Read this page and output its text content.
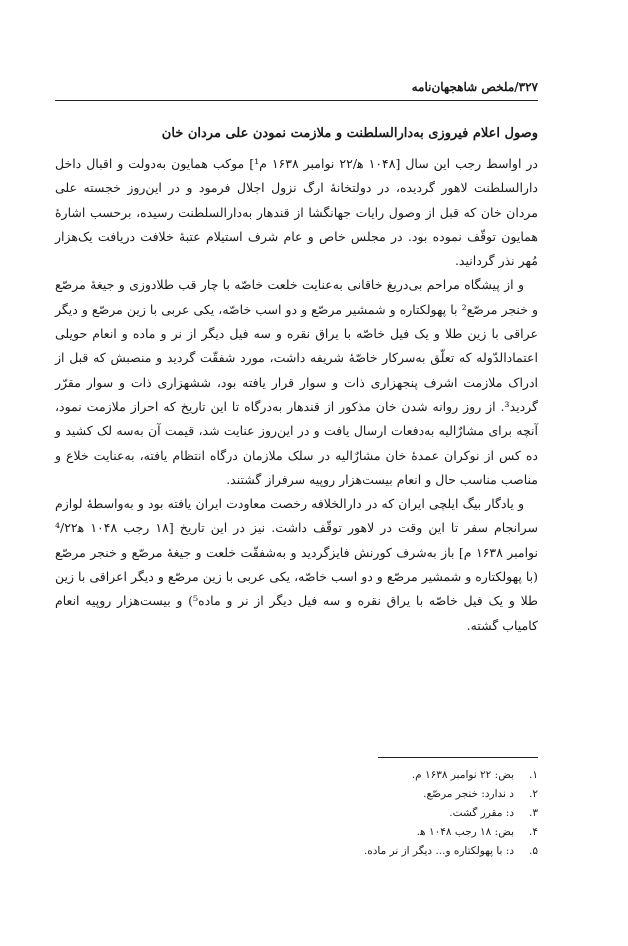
۳۲۷/ملخص شاهجهان‌نامه
وصول اعلام فیروزی به‌دارالسلطنت و ملازمت نمودن علی مردان خان

در اواسط رجب این سال [۱۰۴۸ ه‍/۲۲ نوامبر ۱۶۳۸ م¹] موکب همایون به‌دولت و اقبال داخل دارالسلطنت لاهور گردیده، در دولتخانهٔ ارگ نزول اجلال فرمود و در این‌روز خجسته علی مردان خان که قبل از وصول رایات جهانگشا از قندهار به‌دارالسلطنت رسیده، برحسب اشارهٔ همایون توقّف نموده بود. در مجلس خاص و عام شرف استیلام عتبهٔ خلافت دریافت یک‌هزار مُهر نذر گردانید.

و از پیشگاه مراحم بی‌دریغ خاقانی به‌عنایت خلعت خاصّه با چار قب طلادوزی و جیغهٔ مرصّع و خنجر مرصّع² با پهولکتاره و شمشیر مرصّع و دو اسب خاصّه، یکی عربی با زین مرصّع و دیگر عراقی با زین طلا و یک فیل خاصّه با یراق نقره و سه فیل دیگر از نر و ماده و انعام حویلی اعتمادالدّوله که تعلّق به‌سرکار خاصّهٔ شریفه داشت، مورد شفقّت گردید و منصبش که قبل از ادراک ملازمت اشرف پنجهزاری ذات و سوار قرار یافته بود، ششهزاری ذات و سوار مقرّر گردید³. از روز روانه شدن خان مذکور از قندهار به‌درگاه تا این تاریخ که احراز ملازمت نمود، آنچه برای مشارٌالیه به‌دفعات ارسال یافت و در این‌روز عنایت شد، قیمت آن به‌سه لک کشید و ده کس از نوکران عمدهٔ خان مشارٌالیه در سلک ملازمان درگاه انتظام یافته، به‌عنایت خلاع و مناصب مناسب حال و انعام بیست‌هزار روپیه سرفراز گشتند.

و یادگار بیگ ایلچی ایران که در دارالخلافه رخصت معاودت ایران یافته بود و به‌واسطهٔ لوازم سرانجام سفر تا این وقت در لاهور توقّف داشت. نیز در این تاریخ [۱۸ رجب ۱۰۴۸ ه‍⁴/۲۲ نوامبر ۱۶۳۸ م] باز به‌شرف کورنش فایزگردید و به‌شفقّت خلعت و جیغهٔ مرصّع و خنجر مرصّع (با پهولکتاره و شمشیر مرصّع و دو اسب خاصّه، یکی عربی با زین مرصّع و دیگر اعراقی با زین طلا و یک فیل خاصّه با یراق نقره و سه فیل دیگر از نر و ماده⁵) و بیست‌هزار روپیه انعام کامیاب گشته.

۱.
بض: ۲۲ نوامبر ۱۶۳۸ م.
۲.
د ندارد: خنجر مرصّع.
۳.
د: مقرر گشت.
۴.
بض: ۱۸ رجب ۱۰۴۸ ه‍.
۵.
د: با پهولکتاره و... دیگر از نر ماده.
